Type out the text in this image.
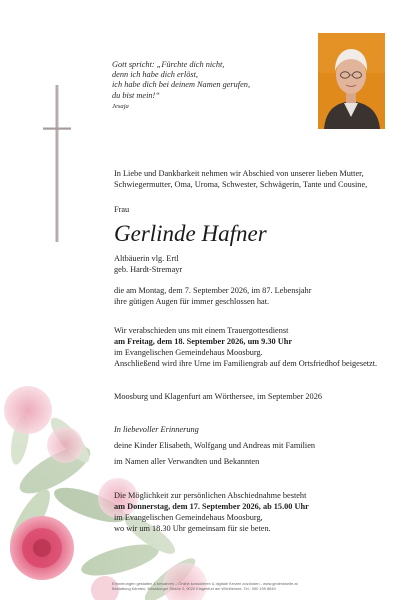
Gott spricht: „Fürchte dich nicht,
denn ich habe dich erlöst,
ich habe dich bei deinem Namen gerufen,
du bist mein!“
Jesaja
In Liebe und Dankbarkeit nehmen wir Abschied von unserer lieben Mutter,
Schwiegermutter, Oma, Uroma, Schwester, Schwägerin, Tante und Cousine,
Frau
Gerlinde Hafner
Altbäuerin vlg. Ertl
geb. Hardt-Stremayr
die am Montag, dem 7. September 2026, im 87. Lebensjahr
ihre gütigen Augen für immer geschlossen hat.
Wir verabschieden uns mit einem Trauergottesdienst
am Freitag, dem 18. September 2026, um 9.30 Uhr
im Evangelischen Gemeindehaus Moosburg.
Anschließend wird ihre Urne im Familiengrab auf dem Ortsfriedhof beigesetzt.
Moosburg und Klagenfurt am Wörthersee, im September 2026
In liebevoller Erinnerung
deine Kinder Elisabeth, Wolfgang und Andreas mit Familien
im Namen aller Verwandten und Bekannten
Die Möglichkeit zur persönlichen Abschiednahme besteht
am Donnerstag, dem 17. September 2026, ab 15.00 Uhr
im Evangelischen Gemeindehaus Moosburg,
wo wir um 18.30 Uhr gemeinsam für sie beten.
Erinnerungen gestalten & bewahren – Online kondolieren & digitale Kerzen anzünden - www.gedenkseite.at
Bestattung Kärnten, Moosburger Straße 2, 9020 Klagenfurt am Wörthersee, Tel.: 050 199 8849
